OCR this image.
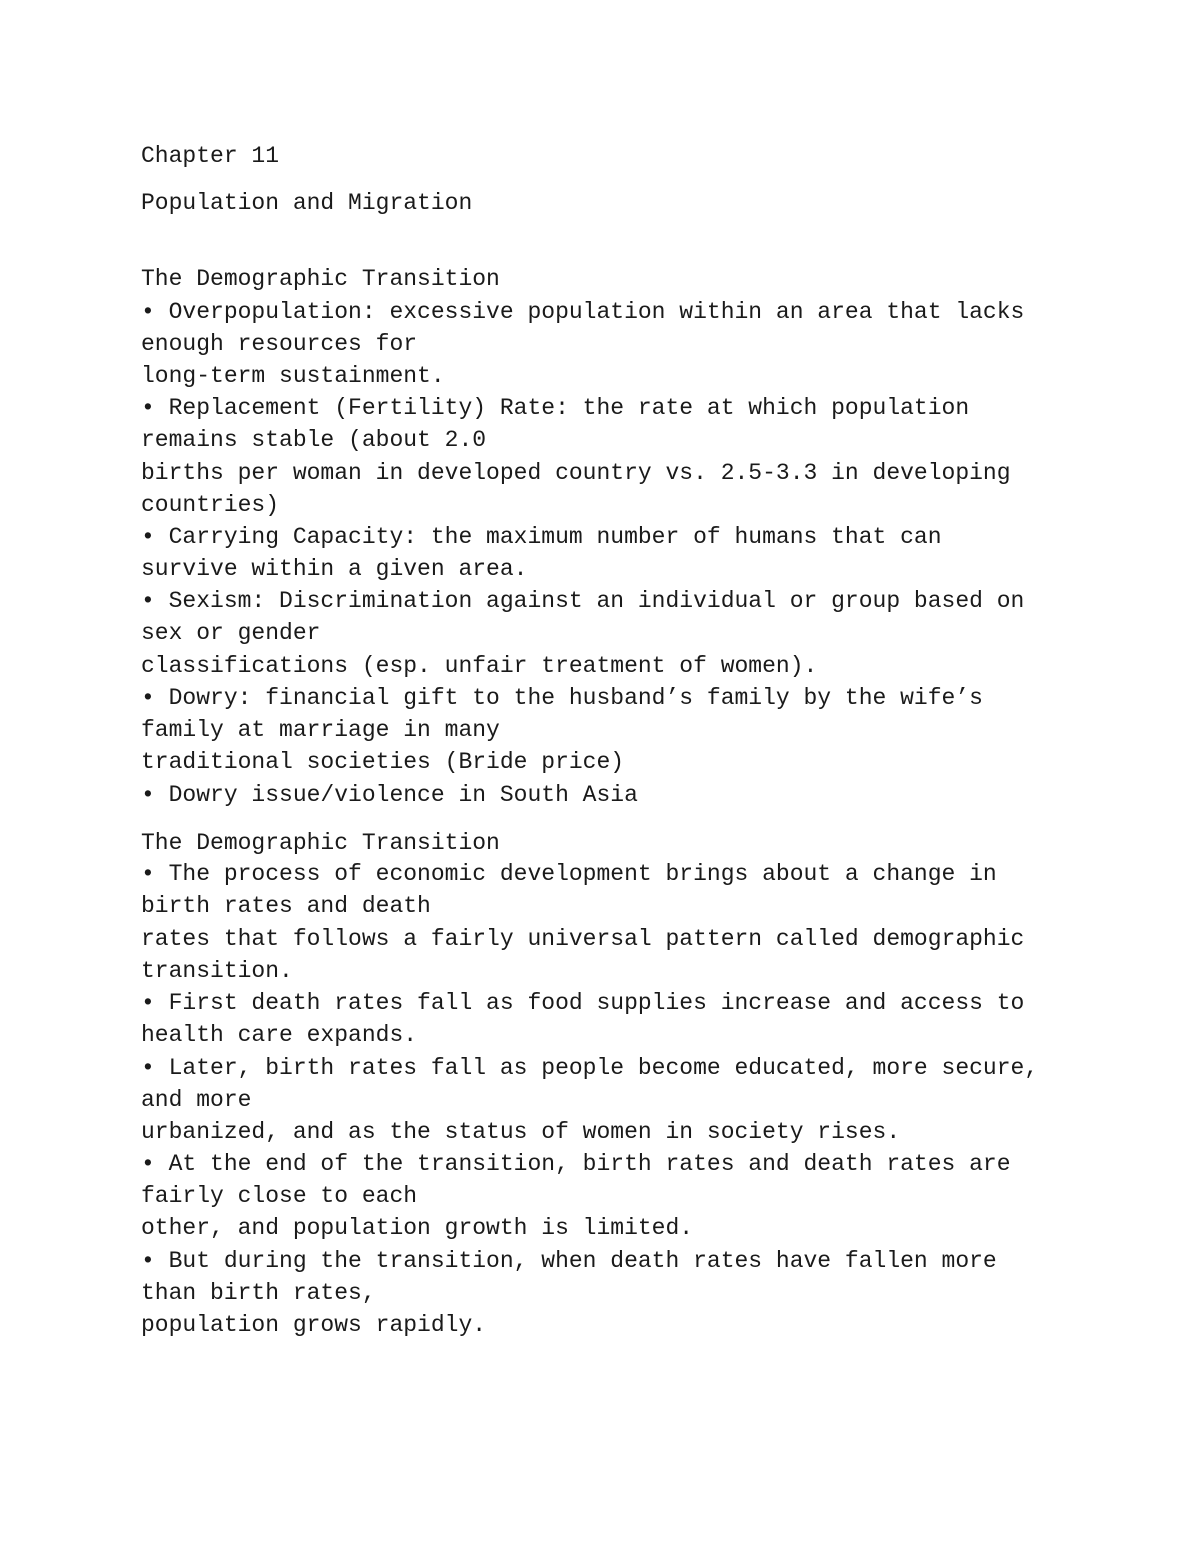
Chapter 11

Population and Migration

The Demographic Transition

• Overpopulation: excessive population within an area that lacks

enough resources for

long-term sustainment.

• Replacement (Fertility) Rate: the rate at which population

remains stable (about 2.0

births per woman in developed country vs. 2.5-3.3 in developing

countries)

• Carrying Capacity: the maximum number of humans that can

survive within a given area.

• Sexism: Discrimination against an individual or group based on

sex or gender

classifications (esp. unfair treatment of women).

• Dowry: financial gift to the husband’s family by the wife’s

family at marriage in many

traditional societies (Bride price)

• Dowry issue/violence in South Asia

The Demographic Transition

• The process of economic development brings about a change in

birth rates and death

rates that follows a fairly universal pattern called demographic

transition.

• First death rates fall as food supplies increase and access to

health care expands.

• Later, birth rates fall as people become educated, more secure,

and more

urbanized, and as the status of women in society rises.

• At the end of the transition, birth rates and death rates are

fairly close to each

other, and population growth is limited.

• But during the transition, when death rates have fallen more

than birth rates,

population grows rapidly.
